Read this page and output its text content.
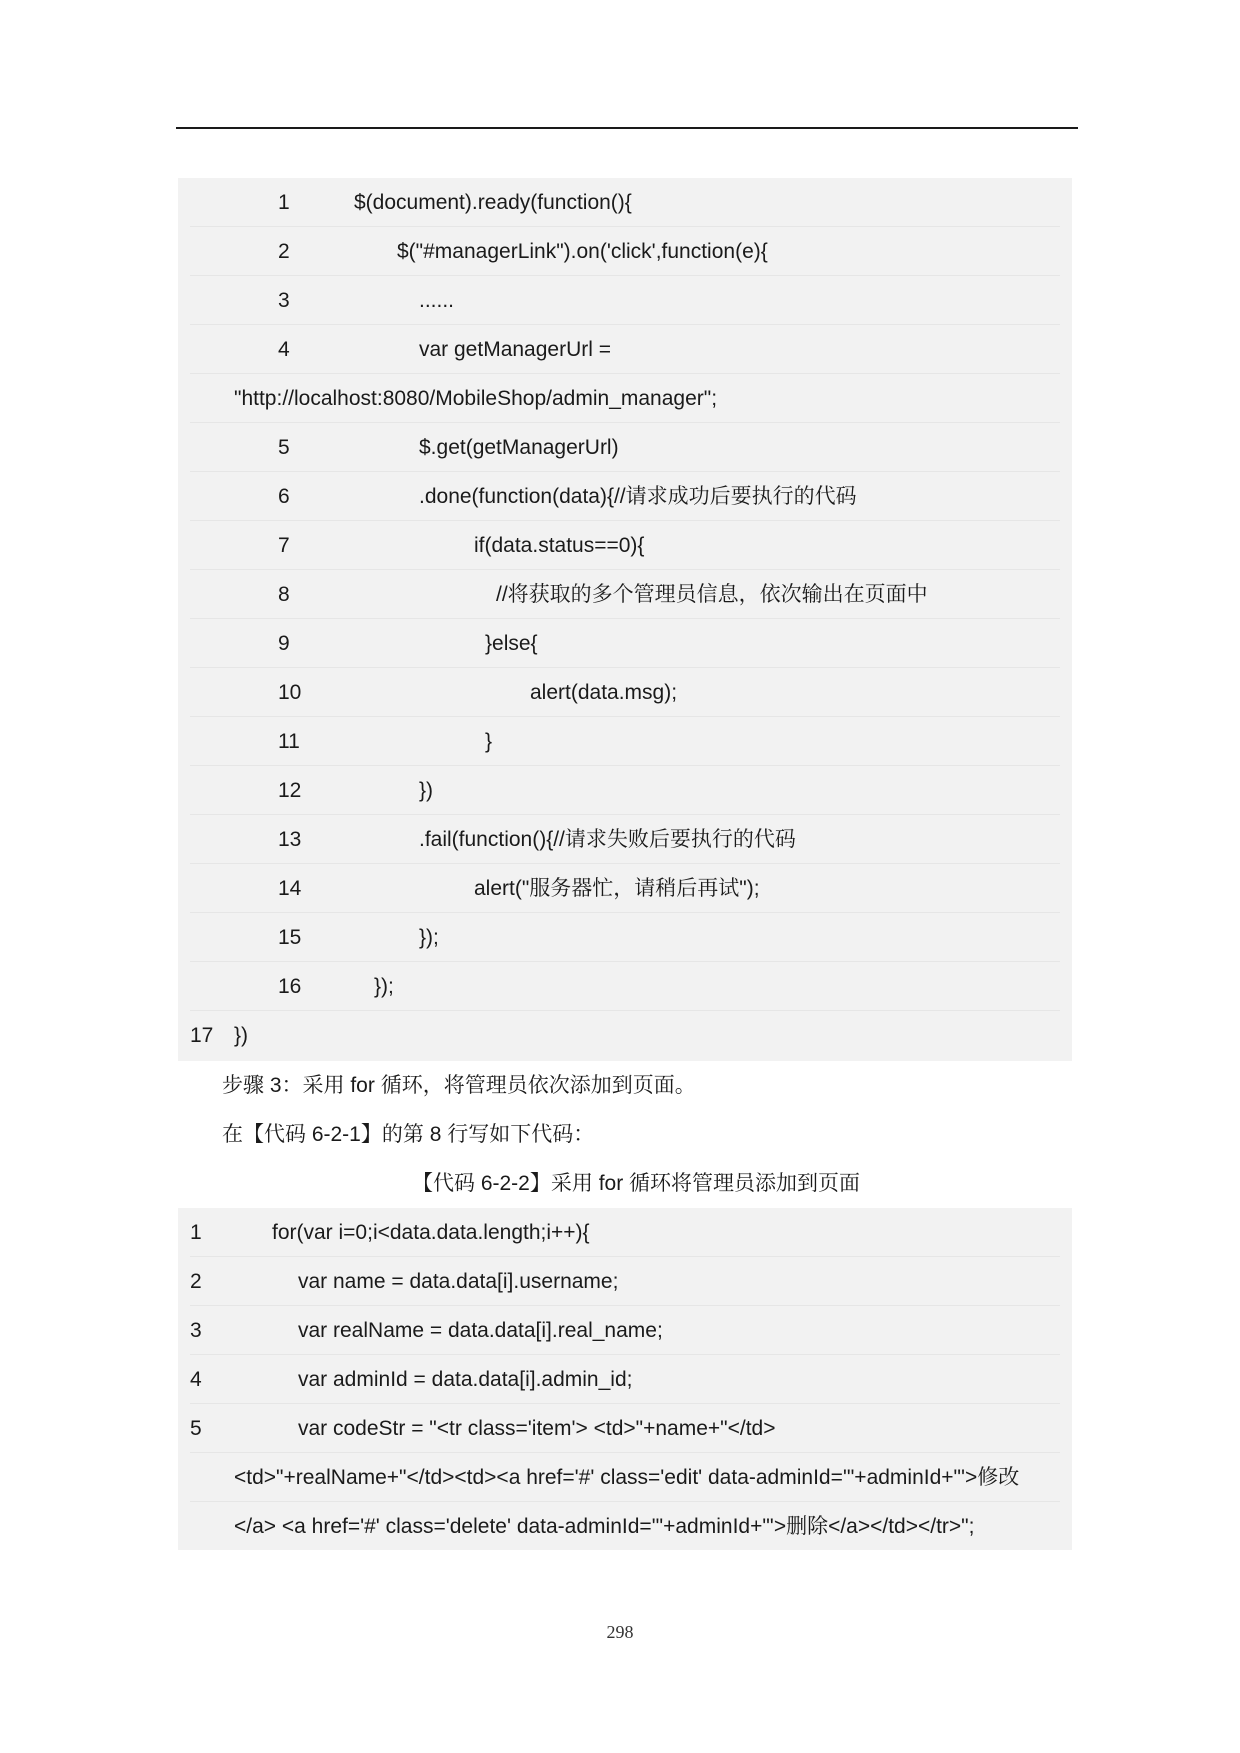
1	$(document).ready(function(){
2	$("#managerLink").on('click',function(e){
3	......
4	var getManagerUrl =
"http://localhost:8080/MobileShop/admin_manager";
5	$.get(getManagerUrl)
6	.done(function(data){//请求成功后要执行的代码
7	if(data.status==0){
8	//将获取的多个管理员信息，依次输出在页面中
9	}else{
10	alert(data.msg);
11	}
12	})
13	.fail(function(){//请求失败后要执行的代码
14	alert("服务器忙，请稍后再试");
15	});
16	});
17 })
步骤 3：采用 for 循环，将管理员依次添加到页面。
在【代码 6-2-1】的第 8 行写如下代码：
【代码 6-2-2】采用 for 循环将管理员添加到页面
1	for(var i=0;i<data.data.length;i++){
2	var name = data.data[i].username;
3	var realName = data.data[i].real_name;
4	var adminId = data.data[i].admin_id;
5	var codeStr = "<tr class='item'> <td>"+name+"</td>
<td>"+realName+"</td><td><a href='#' class='edit' data-adminId='"+adminId+"'>修改
</a> <a href='#' class='delete' data-adminId='"+adminId+"'>删除</a></td></tr>";
298
